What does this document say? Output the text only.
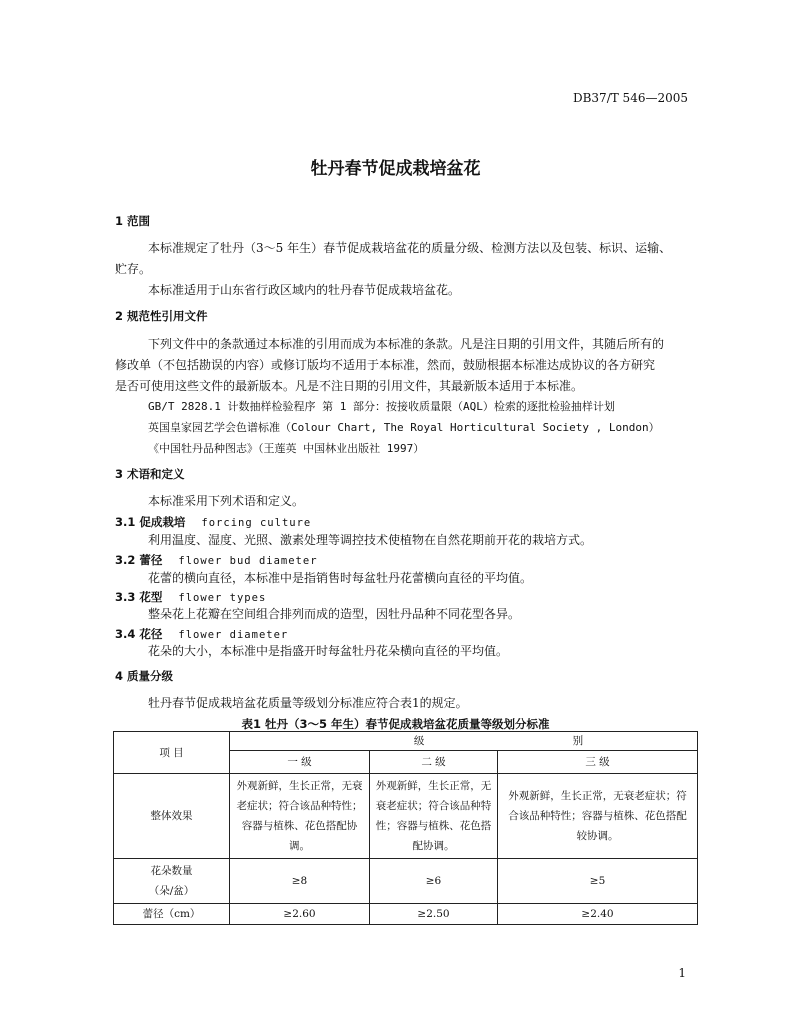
DB37/T 546—2005
牡丹春节促成栽培盆花
1 范围
本标准规定了牡丹（3～5 年生）春节促成栽培盆花的质量分级、检测方法以及包装、标识、运输、
贮存。
本标准适用于山东省行政区域内的牡丹春节促成栽培盆花。
2 规范性引用文件
下列文件中的条款通过本标准的引用而成为本标准的条款。凡是注日期的引用文件，其随后所有的
修改单（不包括勘误的内容）或修订版均不适用于本标准，然而，鼓励根据本标准达成协议的各方研究
是否可使用这些文件的最新版本。凡是不注日期的引用文件，其最新版本适用于本标准。
GB/T 2828.1 计数抽样检验程序 第 1 部分：按接收质量限（AQL）检索的逐批检验抽样计划
英国皇家园艺学会色谱标准（Colour Chart, The Royal Horticultural Society , London）
《中国牡丹品种图志》（王莲英 中国林业出版社 1997）
3 术语和定义
本标准采用下列术语和定义。
3.1 促成栽培 forcing culture
利用温度、湿度、光照、激素处理等调控技术使植物在自然花期前开花的栽培方式。
3.2 蕾径 flower bud diameter
花蕾的横向直径，本标准中是指销售时每盆牡丹花蕾横向直径的平均值。
3.3 花型 flower types
整朵花上花瓣在空间组合排列而成的造型，因牡丹品种不同花型各异。
3.4 花径 flower diameter
花朵的大小，本标准中是指盛开时每盆牡丹花朵横向直径的平均值。
4 质量分级
牡丹春节促成栽培盆花质量等级划分标准应符合表1的规定。
表1 牡丹（3～5 年生）春节促成栽培盆花质量等级划分标准
项 目	级 别		
	一 级	二 级	三 级
整体效果	外观新鲜，生长正常，无衰老症状；符合该品种特性；容器与植株、花色搭配协调。	外观新鲜，生长正常，无衰老症状；符合该品种特性；容器与植株、花色搭配协调。	外观新鲜，生长正常，无衰老症状；符合该品种特性；容器与植株、花色搭配较协调。

花朵数量
（朵/盆）	≥8	≥6	≥5
蕾径（cm）	≥2.60	≥2.50	≥2.40
1
